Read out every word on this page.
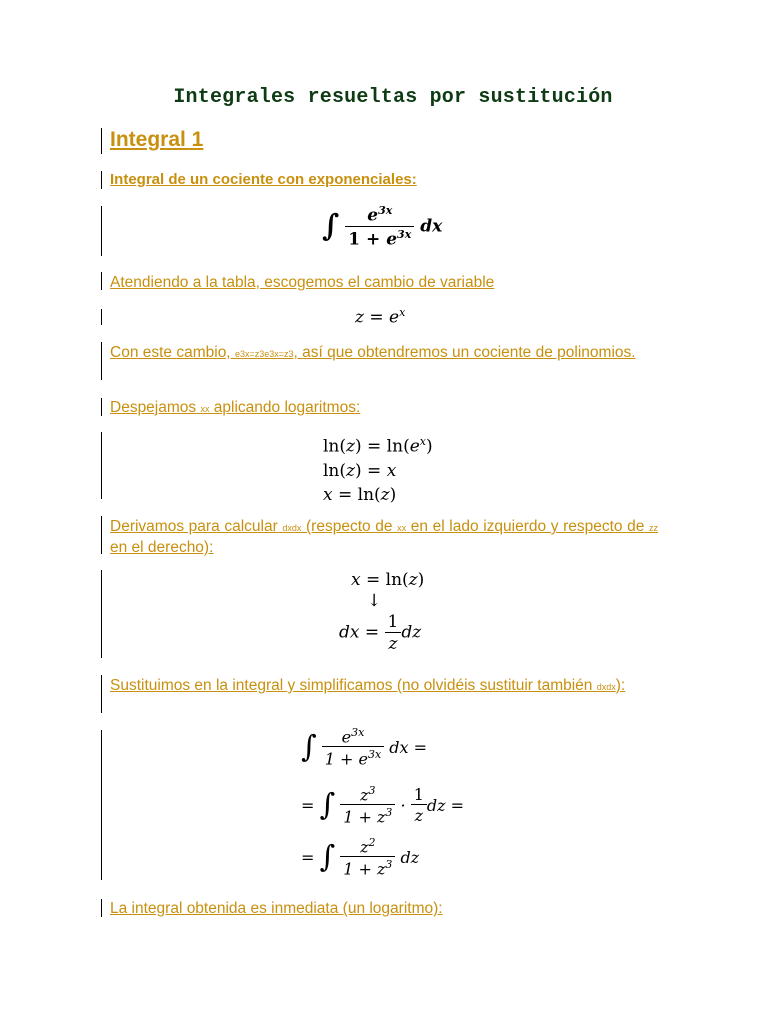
Integrales resueltas por sustitución
Integral 1
Integral de un cociente con exponenciales:
∫ $\frac{e^{3x}}{1 + e^{3x}}$ dx
Atendiendo a la tabla, escogemos el cambio de variable
$z = e^x$
Con este cambio, e3x=z3e3x=z3, así que obtendremos un cociente de polinomios.
Despejamos xx aplicando logaritmos:
$\ln(z) = \ln(e^x)$
ln(z) = x
x = ln(z)
Derivamos para calcular dxdx (respecto de xx en el lado izquierdo y respecto de zz en el derecho):
x = ln(z)
↓
dx = $\frac{1}{z}$ dz
Sustituimos en la integral y simplificamos (no olvidéis sustituir también dxdx):
∫ $\frac{e^{3x}}{1 + e^{3x}}$ dx =
= ∫ $\frac{z^3}{1 + z^3} \cdot \frac{1}{z}$ dz =
= ∫ $\frac{z^2}{1 + z^3}$ dz
La integral obtenida es inmediata (un logaritmo):
